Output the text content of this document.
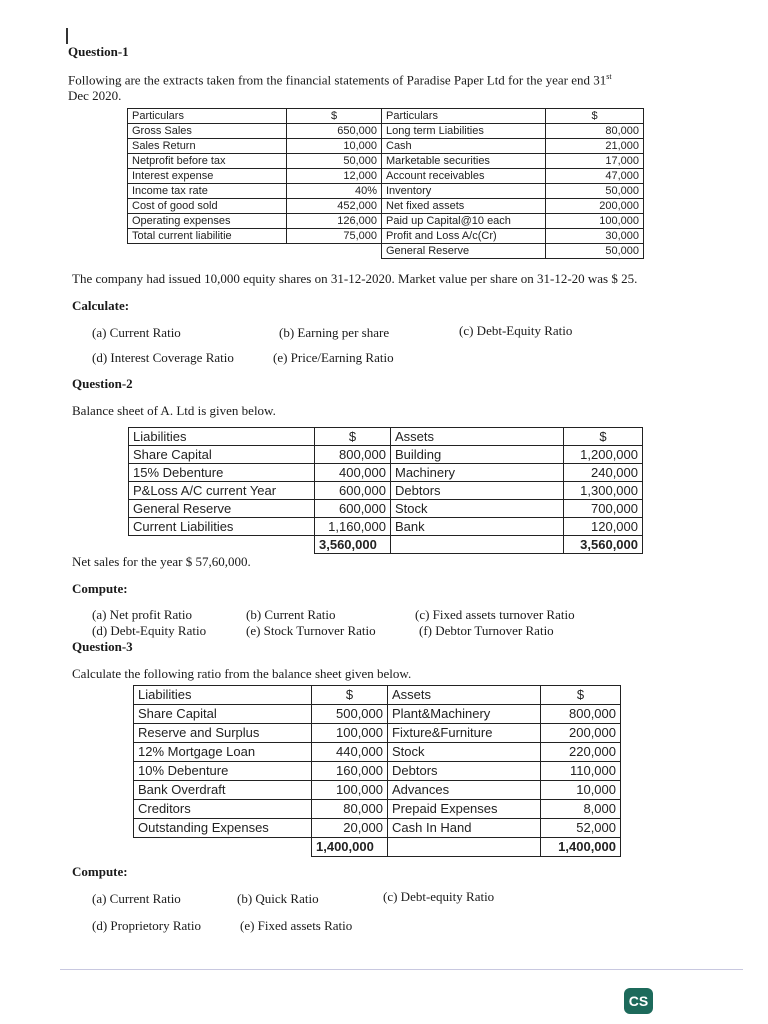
Question-1
Following are the extracts taken from the financial statements of Paradise Paper Ltd for the year end 31st
Dec 2020.
Particulars	$	Particulars	$
Gross Sales	650,000	Long term Liabilities	80,000
Sales Return	10,000	Cash	21,000
Netprofit before tax	50,000	Marketable securities	17,000
Interest expense	12,000	Account receivables	47,000
Income tax rate	40%	Inventory	50,000
Cost of good sold	452,000	Net fixed assets	200,000
Operating expenses	126,000	Paid up Capital@10 each	100,000
Total current liabilitie	75,000	Profit and Loss A/c(Cr)	30,000
		General Reserve	50,000
The company had issued 10,000 equity shares on 31-12-2020. Market value per share on 31-12-20 was $ 25.
Calculate:
(a) Current Ratio	(b) Earning per share	(c) Debt-Equity Ratio
(d) Interest Coverage Ratio	(e) Price/Earning Ratio
Question-2
Balance sheet of A. Ltd is given below.
Liabilities	$	Assets	$
Share Capital	800,000	Building	1,200,000
15% Debenture	400,000	Machinery	240,000
P&Loss A/C current Year	600,000	Debtors	1,300,000
General Reserve	600,000	Stock	700,000
Current Liabilities	1,160,000	Bank	120,000
	3,560,000		3,560,000
Net sales for the year $ 57,60,000.
Compute:
(a) Net profit Ratio	(b) Current Ratio	(c) Fixed assets turnover Ratio
(d) Debt-Equity Ratio	(e) Stock Turnover Ratio	(f) Debtor Turnover Ratio
Question-3
Calculate the following ratio from the balance sheet given below.
Liabilities	$	Assets	$
Share Capital	500,000	Plant&Machinery	800,000
Reserve and Surplus	100,000	Fixture&Furniture	200,000
12% Mortgage Loan	440,000	Stock	220,000
10% Debenture	160,000	Debtors	110,000
Bank Overdraft	100,000	Advances	10,000
Creditors	80,000	Prepaid Expenses	8,000
Outstanding Expenses	20,000	Cash In Hand	52,000
	1,400,000		1,400,000
Compute:
(a) Current Ratio	(b) Quick Ratio	(c) Debt-equity Ratio
(d) Proprietory Ratio	(e) Fixed assets Ratio
CS
